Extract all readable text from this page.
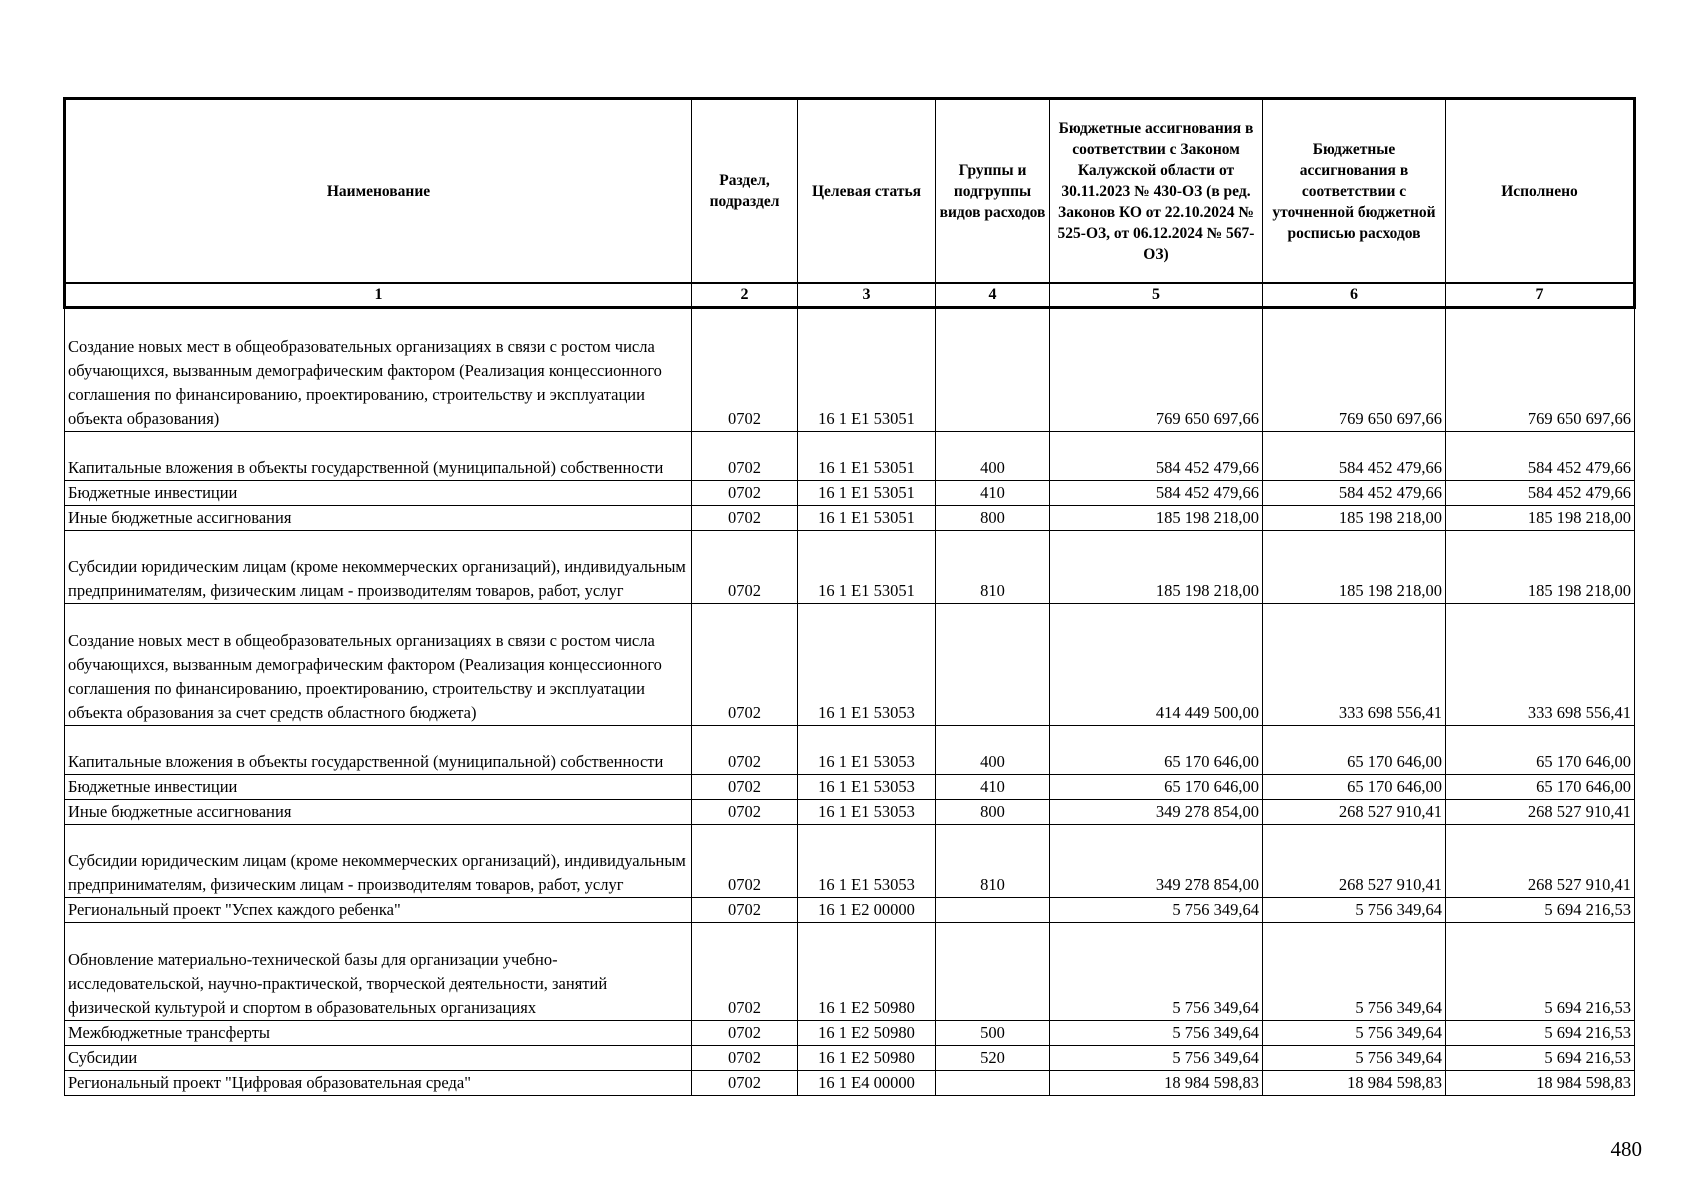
Наименование	Раздел, подраздел	Целевая статья	Группы и подгруппы видов расходов	Бюджетные ассигнования в соответствии с Законом Калужской области от 30.11.2023 № 430-ОЗ (в ред. Законов КО от 22.10.2024 № 525-ОЗ, от 06.12.2024 № 567-ОЗ)	Бюджетные ассигнования в соответствии с уточненной бюджетной росписью расходов	Исполнено
1	2	3	4	5	6	7
Создание новых мест в общеобразовательных организациях в связи с ростом числа обучающихся, вызванным демографическим фактором (Реализация концессионного соглашения по финансированию, проектированию, строительству и эксплуатации объекта образования)	0702	16 1 E1 53051		769 650 697,66	769 650 697,66	769 650 697,66
Капитальные вложения в объекты государственной (муниципальной) собственности	0702	16 1 E1 53051	400	584 452 479,66	584 452 479,66	584 452 479,66
Бюджетные инвестиции	0702	16 1 E1 53051	410	584 452 479,66	584 452 479,66	584 452 479,66
Иные бюджетные ассигнования	0702	16 1 E1 53051	800	185 198 218,00	185 198 218,00	185 198 218,00
Субсидии юридическим лицам (кроме некоммерческих организаций), индивидуальным предпринимателям, физическим лицам - производителям товаров, работ, услуг	0702	16 1 E1 53051	810	185 198 218,00	185 198 218,00	185 198 218,00
Создание новых мест в общеобразовательных организациях в связи с ростом числа обучающихся, вызванным демографическим фактором (Реализация концессионного соглашения по финансированию, проектированию, строительству и эксплуатации объекта образования за счет средств областного бюджета)	0702	16 1 E1 53053		414 449 500,00	333 698 556,41	333 698 556,41
Капитальные вложения в объекты государственной (муниципальной) собственности	0702	16 1 E1 53053	400	65 170 646,00	65 170 646,00	65 170 646,00
Бюджетные инвестиции	0702	16 1 E1 53053	410	65 170 646,00	65 170 646,00	65 170 646,00
Иные бюджетные ассигнования	0702	16 1 E1 53053	800	349 278 854,00	268 527 910,41	268 527 910,41
Субсидии юридическим лицам (кроме некоммерческих организаций), индивидуальным предпринимателям, физическим лицам - производителям товаров, работ, услуг	0702	16 1 E1 53053	810	349 278 854,00	268 527 910,41	268 527 910,41
Региональный проект "Успех каждого ребенка"	0702	16 1 E2 00000		5 756 349,64	5 756 349,64	5 694 216,53
Обновление материально-технической базы для организации учебно-исследовательской, научно-практической, творческой деятельности, занятий физической культурой и спортом в образовательных организациях	0702	16 1 E2 50980		5 756 349,64	5 756 349,64	5 694 216,53
Межбюджетные трансферты	0702	16 1 E2 50980	500	5 756 349,64	5 756 349,64	5 694 216,53
Субсидии	0702	16 1 E2 50980	520	5 756 349,64	5 756 349,64	5 694 216,53
Региональный проект "Цифровая образовательная среда"	0702	16 1 E4 00000		18 984 598,83	18 984 598,83	18 984 598,83
480
